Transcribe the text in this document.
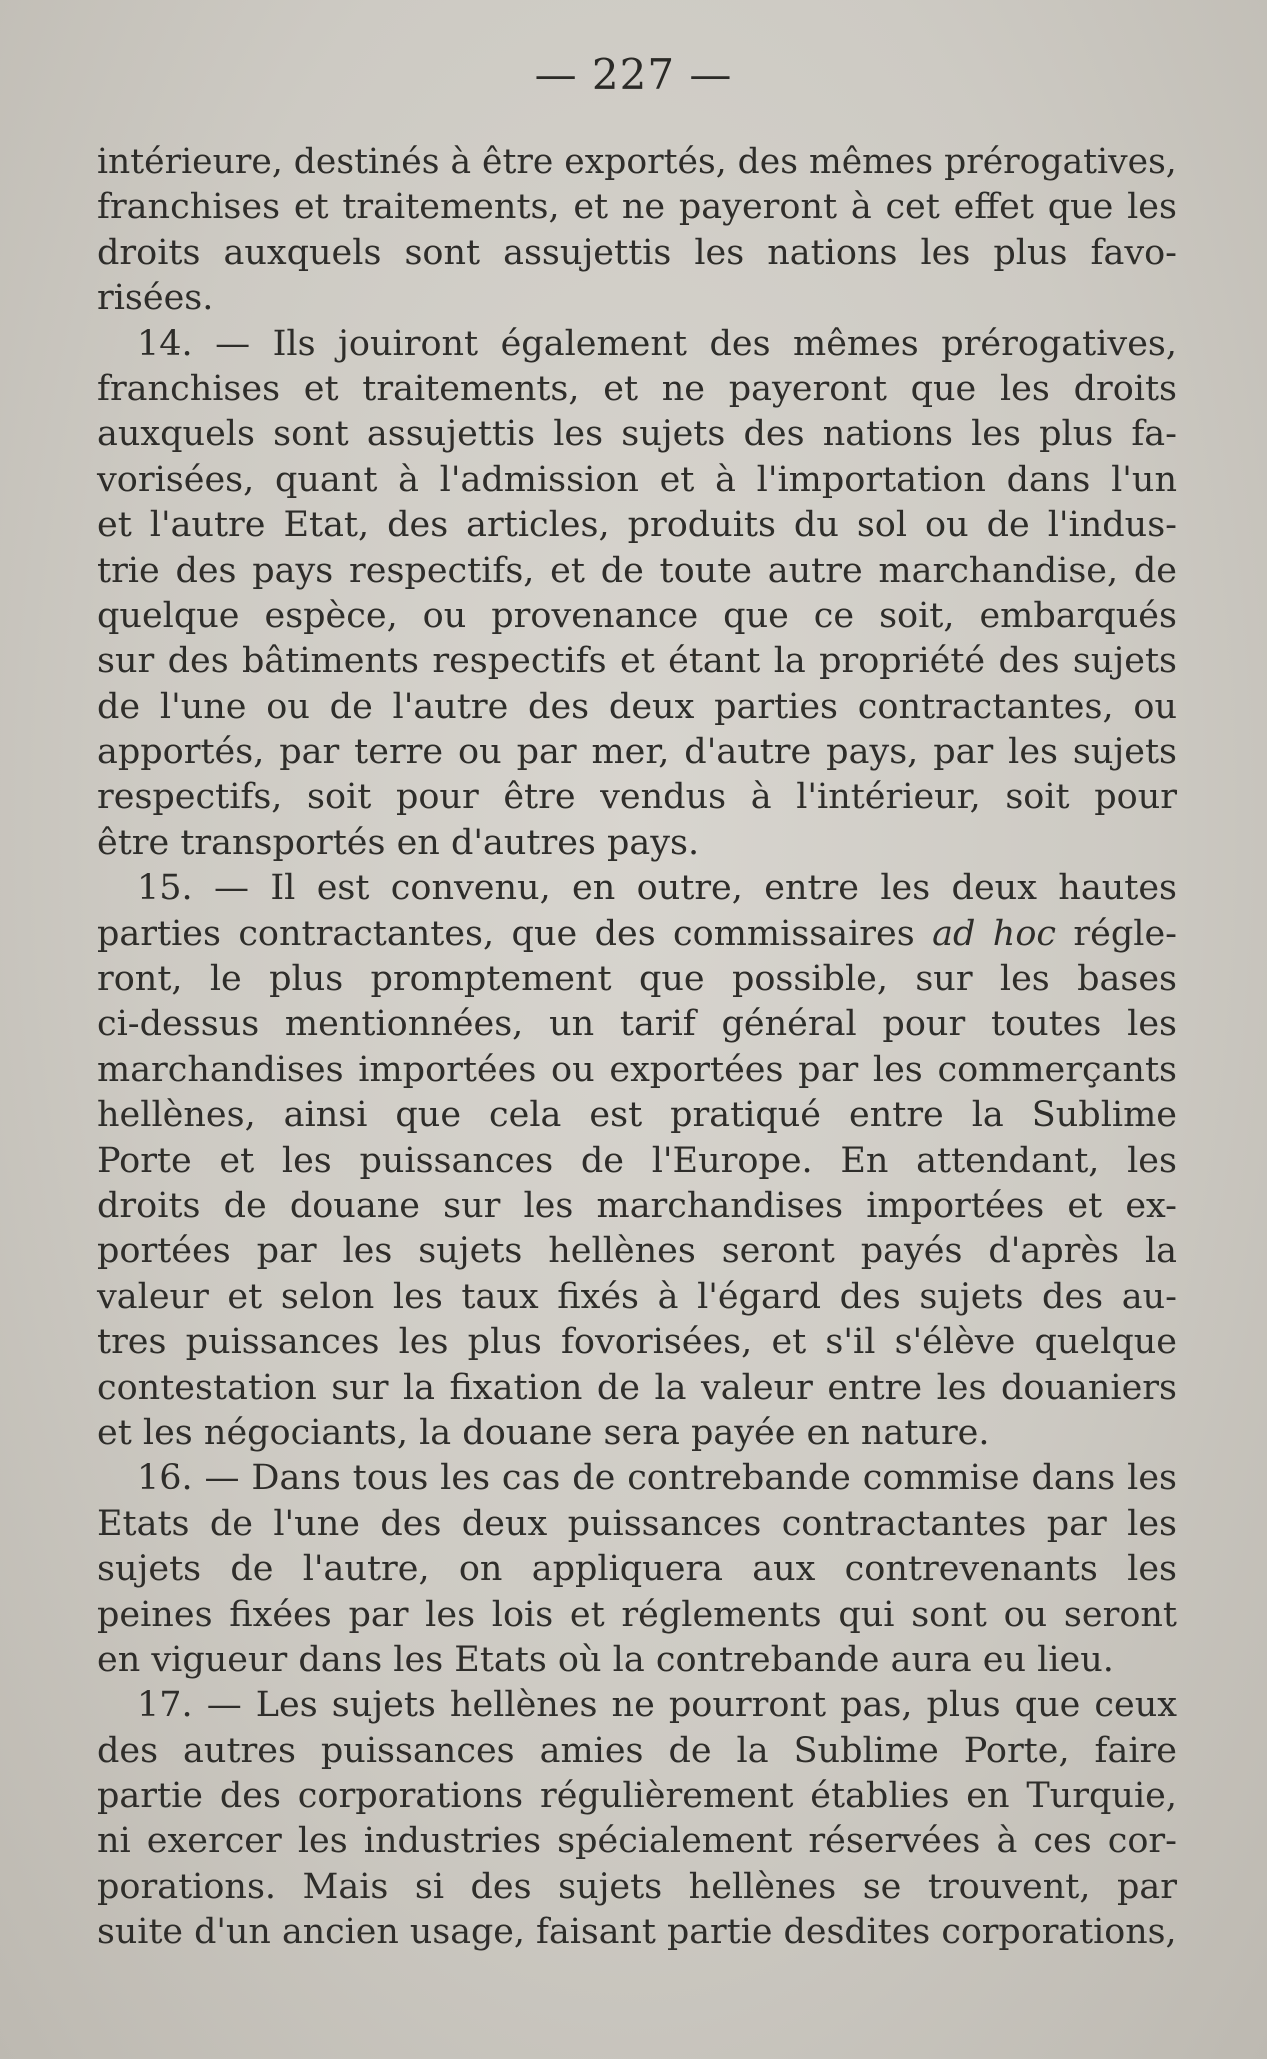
— 227 —
intérieure, destinés à être exportés, des mêmes prérogatives,
franchises et traitements, et ne payeront à cet effet que les
droits auxquels sont assujettis les nations les plus favo-
risées.
14. — Ils jouiront également des mêmes prérogatives,
franchises et traitements, et ne payeront que les droits
auxquels sont assujettis les sujets des nations les plus fa-
vorisées, quant à l'admission et à l'importation dans l'un
et l'autre Etat, des articles, produits du sol ou de l'indus-
trie des pays respectifs, et de toute autre marchandise, de
quelque espèce, ou provenance que ce soit, embarqués
sur des bâtiments respectifs et étant la propriété des sujets
de l'une ou de l'autre des deux parties contractantes, ou
apportés, par terre ou par mer, d'autre pays, par les sujets
respectifs, soit pour être vendus à l'intérieur, soit pour
être transportés en d'autres pays.
15. — Il est convenu, en outre, entre les deux hautes
parties contractantes, que des commissaires ad hoc régle-
ront, le plus promptement que possible, sur les bases
ci-dessus mentionnées, un tarif général pour toutes les
marchandises importées ou exportées par les commerçants
hellènes, ainsi que cela est pratiqué entre la Sublime
Porte et les puissances de l'Europe. En attendant, les
droits de douane sur les marchandises importées et ex-
portées par les sujets hellènes seront payés d'après la
valeur et selon les taux fixés à l'égard des sujets des au-
tres puissances les plus fovorisées, et s'il s'élève quelque
contestation sur la fixation de la valeur entre les douaniers
et les négociants, la douane sera payée en nature.
16. — Dans tous les cas de contrebande commise dans les
Etats de l'une des deux puissances contractantes par les
sujets de l'autre, on appliquera aux contrevenants les
peines fixées par les lois et réglements qui sont ou seront
en vigueur dans les Etats où la contrebande aura eu lieu.
17. — Les sujets hellènes ne pourront pas, plus que ceux
des autres puissances amies de la Sublime Porte, faire
partie des corporations régulièrement établies en Turquie,
ni exercer les industries spécialement réservées à ces cor-
porations. Mais si des sujets hellènes se trouvent, par
suite d'un ancien usage, faisant partie desdites corporations,
